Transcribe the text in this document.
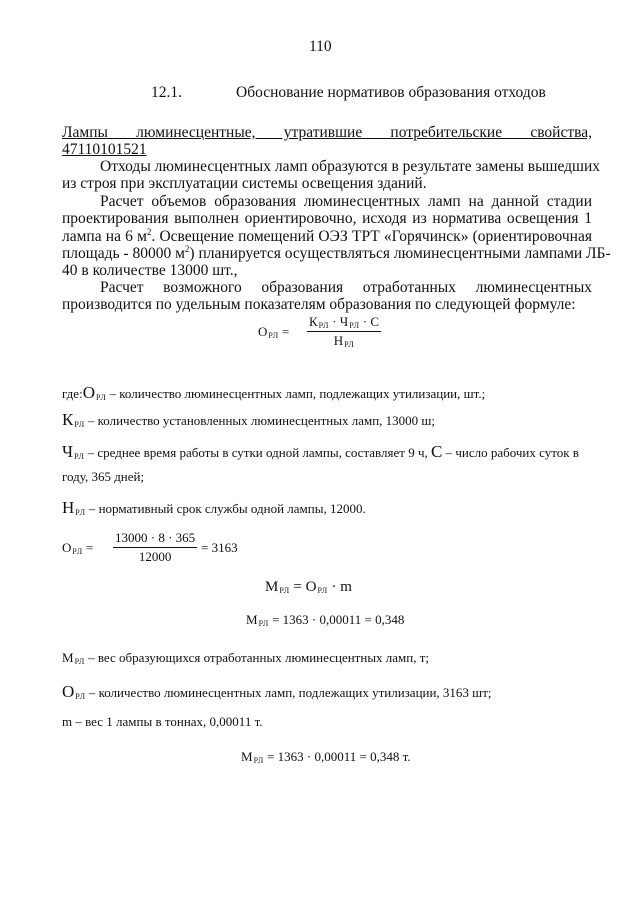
110
12.1.	Обоснование нормативов образования отходов
Лампы люминесцентные, утратившие потребительские свойства,
47110101521
Отходы люминесцентных ламп образуются в результате замены вышедших
из строя при эксплуатации системы освещения зданий.
Расчет объемов образования люминесцентных ламп на данной стадии
проектирования выполнен ориентировочно, исходя из норматива освещения 1
лампа на 6 $м^2$. Освещение помещений ОЭЗ ТРТ «Горячинск» (ориентировочная
площадь - 80000 $м^2$) планируется осуществляться люминесцентными лампами ЛБ-
40 в количестве 13000 шт.,
Расчет возможного образования отработанных люминесцентных
производится по удельным показателям образования по следующей формуле:
$О_{РЛ}$ =
$К_{РЛ} \cdot Ч_{РЛ} \cdot С$
$Н_{РЛ}$
$где:О_{РЛ}$ – количество люминесцентных ламп, подлежащих утилизации, шт.;
$К_{РЛ}$ – количество установленных люминесцентных ламп, 13000 ш;
$Ч_{РЛ}$ – среднее время работы в сутки одной лампы, составляет 9 ч, С – число рабочих суток в
году, 365 дней;
$Н_{РЛ}$ – нормативный срок службы одной лампы, 12000.
$О_{РЛ} = \frac{13000 \cdot 8 \cdot 365}{12000} = 3163$
$М_{РЛ} = О_{РЛ} \cdot m$
$М_{РЛ} = 1363 \cdot 0,00011 = 0,348$
$М_{РЛ}$ – вес образующихся отработанных люминесцентных ламп, т;
$О_{РЛ}$ – количество люминесцентных ламп, подлежащих утилизации, 3163 шт;
m – вес 1 лампы в тоннах, 0,00011 т.
$М_{РЛ} = 1363 \cdot 0,00011 = 0,348$ т.
